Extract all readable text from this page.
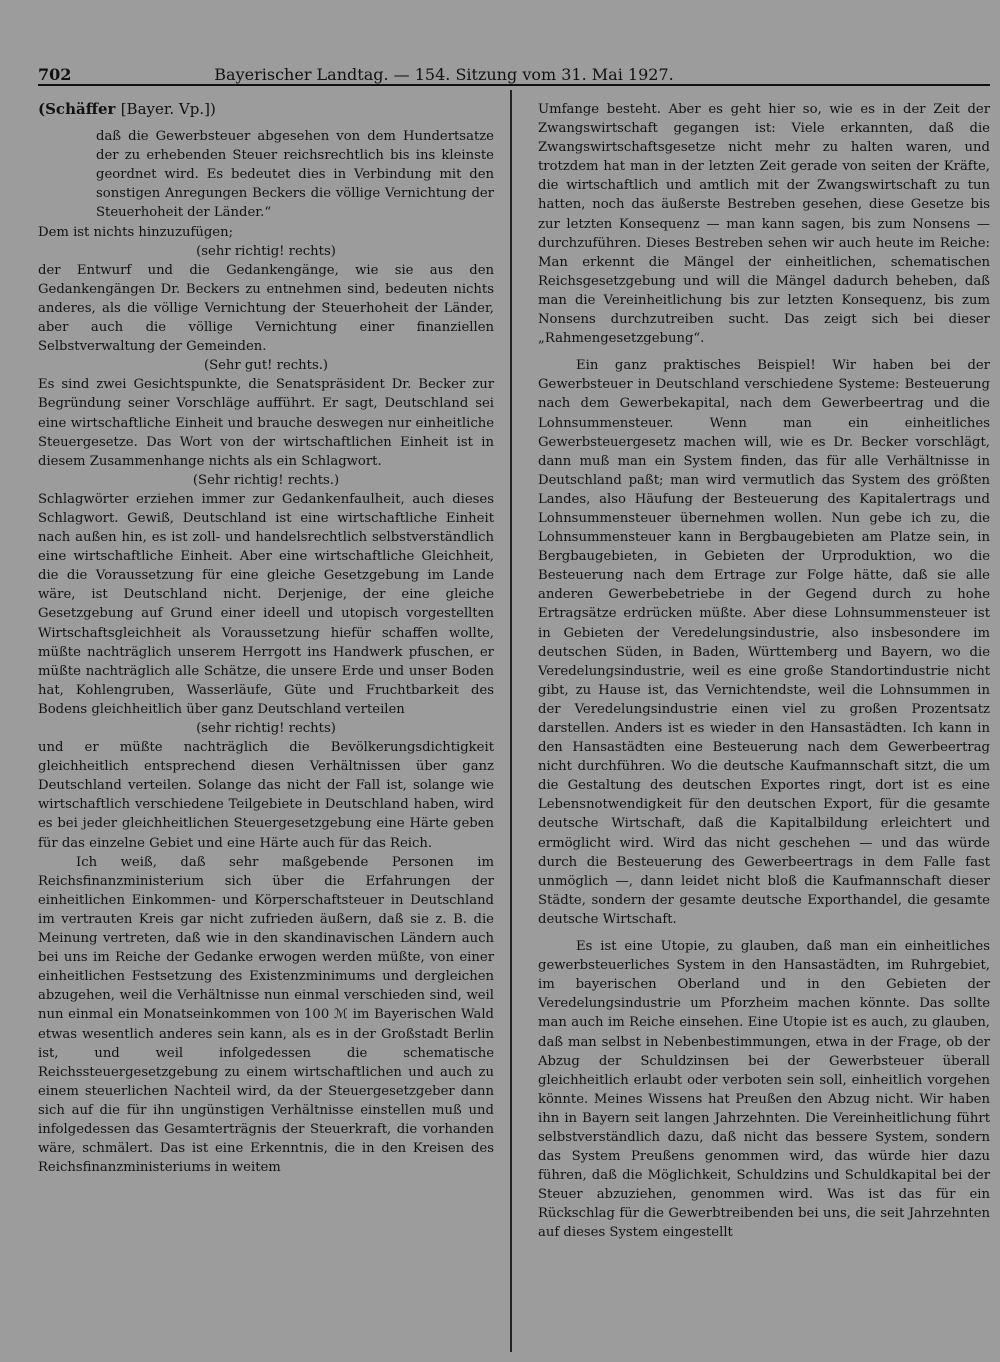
702	Bayerischer Landtag. — 154. Sitzung vom 31. Mai 1927.
(Schäffer [Bayer. Vp.])

daß die Gewerbsteuer abgesehen von dem Hundertsatze der zu erhebenden Steuer reichsrechtlich bis ins kleinste geordnet wird. Es bedeutet dies in Verbindung mit den sonstigen Anregungen Beckers die völlige Vernichtung der Steuerhoheit der Länder.“

Dem ist nichts hinzuzufügen;

(sehr richtig! rechts)

der Entwurf und die Gedankengänge, wie sie aus den Gedankengängen Dr. Beckers zu entnehmen sind, bedeuten nichts anderes, als die völlige Vernichtung der Steuerhoheit der Länder, aber auch die völlige Vernichtung einer finanziellen Selbstverwaltung der Gemeinden.

(Sehr gut! rechts.)

Es sind zwei Gesichtspunkte, die Senatspräsident Dr. Becker zur Begründung seiner Vorschläge aufführt. Er sagt, Deutschland sei eine wirtschaftliche Einheit und brauche deswegen nur einheitliche Steuergesetze. Das Wort von der wirtschaftlichen Einheit ist in diesem Zusammenhange nichts als ein Schlagwort.

(Sehr richtig! rechts.)

Schlagwörter erziehen immer zur Gedankenfaulheit, auch dieses Schlagwort. Gewiß, Deutschland ist eine wirtschaftliche Einheit nach außen hin, es ist zoll- und handelsrechtlich selbstverständlich eine wirtschaftliche Einheit. Aber eine wirtschaftliche Gleichheit, die die Voraussetzung für eine gleiche Gesetzgebung im Lande wäre, ist Deutschland nicht. Derjenige, der eine gleiche Gesetzgebung auf Grund einer ideell und utopisch vorgestellten Wirtschaftsgleichheit als Voraussetzung hiefür schaffen wollte, müßte nachträglich unserem Herrgott ins Handwerk pfuschen, er müßte nachträglich alle Schätze, die unsere Erde und unser Boden hat, Kohlengruben, Wasserläufe, Güte und Fruchtbarkeit des Bodens gleichheitlich über ganz Deutschland verteilen

(sehr richtig! rechts)

und er müßte nachträglich die Bevölkerungsdichtigkeit gleichheitlich entsprechend diesen Verhältnissen über ganz Deutschland verteilen. Solange das nicht der Fall ist, solange wie wirtschaftlich verschiedene Teilgebiete in Deutschland haben, wird es bei jeder gleichheitlichen Steuergesetzgebung eine Härte geben für das einzelne Gebiet und eine Härte auch für das Reich.

Ich weiß, daß sehr maßgebende Personen im Reichsfinanzministerium sich über die Erfahrungen der einheitlichen Einkommen- und Körperschaftsteuer in Deutschland im vertrauten Kreis gar nicht zufrieden äußern, daß sie z. B. die Meinung vertreten, daß wie in den skandinavischen Ländern auch bei uns im Reiche der Gedanke erwogen werden müßte, von einer einheitlichen Festsetzung des Existenzminimums und dergleichen abzugehen, weil die Verhältnisse nun einmal verschieden sind, weil nun einmal ein Monatseinkommen von 100 ℳ im Bayerischen Wald etwas wesentlich anderes sein kann, als es in der Großstadt Berlin ist, und weil infolgedessen die schematische Reichssteuergesetzgebung zu einem wirtschaftlichen und auch zu einem steuerlichen Nachteil wird, da der Steuergesetzgeber dann sich auf die für ihn ungünstigen Verhältnisse einstellen muß und infolgedessen das Gesamterträgnis der Steuerkraft, die vorhanden wäre, schmälert. Das ist eine Erkenntnis, die in den Kreisen des Reichsfinanzministeriums in weitem

Umfange besteht. Aber es geht hier so, wie es in der Zeit der Zwangswirtschaft gegangen ist: Viele erkannten, daß die Zwangswirtschaftsgesetze nicht mehr zu halten waren, und trotzdem hat man in der letzten Zeit gerade von seiten der Kräfte, die wirtschaftlich und amtlich mit der Zwangswirtschaft zu tun hatten, noch das äußerste Bestreben gesehen, diese Gesetze bis zur letzten Konsequenz — man kann sagen, bis zum Nonsens — durchzuführen. Dieses Bestreben sehen wir auch heute im Reiche: Man erkennt die Mängel der einheitlichen, schematischen Reichsgesetzgebung und will die Mängel dadurch beheben, daß man die Vereinheitlichung bis zur letzten Konsequenz, bis zum Nonsens durchzutreiben sucht. Das zeigt sich bei dieser „Rahmengesetzgebung“.

Ein ganz praktisches Beispiel! Wir haben bei der Gewerbsteuer in Deutschland verschiedene Systeme: Besteuerung nach dem Gewerbekapital, nach dem Gewerbeertrag und die Lohnsummensteuer. Wenn man ein einheitliches Gewerbsteuergesetz machen will, wie es Dr. Becker vorschlägt, dann muß man ein System finden, das für alle Verhältnisse in Deutschland paßt; man wird vermutlich das System des größten Landes, also Häufung der Besteuerung des Kapitalertrags und Lohnsummensteuer übernehmen wollen. Nun gebe ich zu, die Lohnsummensteuer kann in Bergbaugebieten am Platze sein, in Bergbaugebieten, in Gebieten der Urproduktion, wo die Besteuerung nach dem Ertrage zur Folge hätte, daß sie alle anderen Gewerbebetriebe in der Gegend durch zu hohe Ertragsätze erdrücken müßte. Aber diese Lohnsummensteuer ist in Gebieten der Veredelungsindustrie, also insbesondere im deutschen Süden, in Baden, Württemberg und Bayern, wo die Veredelungsindustrie, weil es eine große Standortindustrie nicht gibt, zu Hause ist, das Vernichtendste, weil die Lohnsummen in der Veredelungsindustrie einen viel zu großen Prozentsatz darstellen. Anders ist es wieder in den Hansastädten. Ich kann in den Hansastädten eine Besteuerung nach dem Gewerbeertrag nicht durchführen. Wo die deutsche Kaufmannschaft sitzt, die um die Gestaltung des deutschen Exportes ringt, dort ist es eine Lebensnotwendigkeit für den deutschen Export, für die gesamte deutsche Wirtschaft, daß die Kapitalbildung erleichtert und ermöglicht wird. Wird das nicht geschehen — und das würde durch die Besteuerung des Gewerbeertrags in dem Falle fast unmöglich —, dann leidet nicht bloß die Kaufmannschaft dieser Städte, sondern der gesamte deutsche Exporthandel, die gesamte deutsche Wirtschaft.

Es ist eine Utopie, zu glauben, daß man ein einheitliches gewerbsteuerliches System in den Hansastädten, im Ruhrgebiet, im bayerischen Oberland und in den Gebieten der Veredelungsindustrie um Pforzheim machen könnte. Das sollte man auch im Reiche einsehen. Eine Utopie ist es auch, zu glauben, daß man selbst in Nebenbestimmungen, etwa in der Frage, ob der Abzug der Schuldzinsen bei der Gewerbsteuer überall gleichheitlich erlaubt oder verboten sein soll, einheitlich vorgehen könnte. Meines Wissens hat Preußen den Abzug nicht. Wir haben ihn in Bayern seit langen Jahrzehnten. Die Vereinheitlichung führt selbstverständlich dazu, daß nicht das bessere System, sondern das System Preußens genommen wird, das würde hier dazu führen, daß die Möglichkeit, Schuldzins und Schuldkapital bei der Steuer abzuziehen, genommen wird. Was ist das für ein Rückschlag für die Gewerbtreibenden bei uns, die seit Jahrzehnten auf dieses System eingestellt
